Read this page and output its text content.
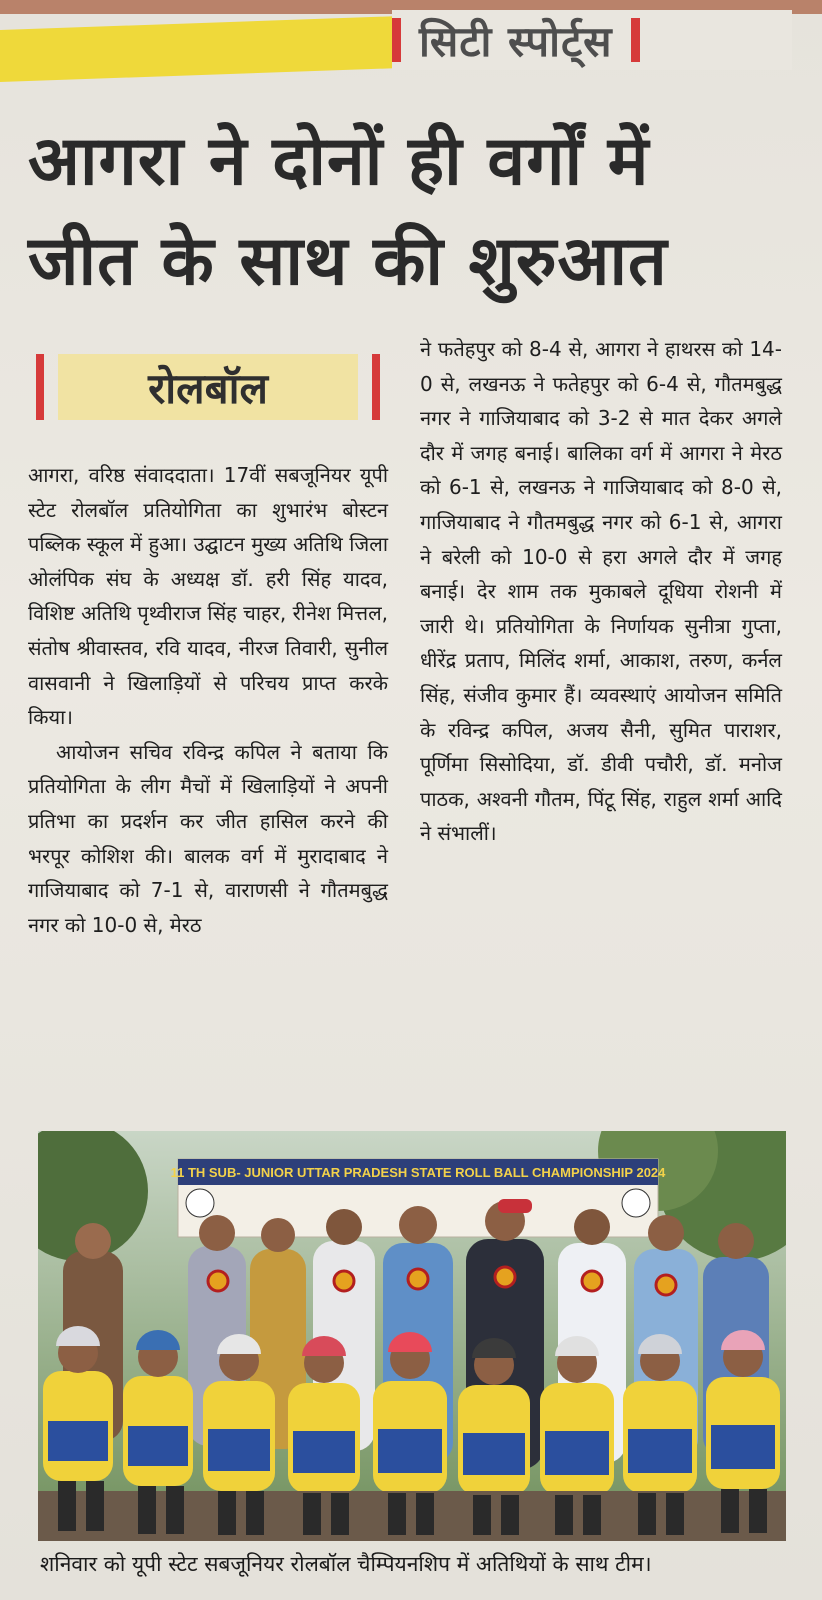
सिटी स्पोर्ट्स
आगरा ने दोनों ही वर्गों में
जीत के साथ की शुरुआत
रोलबॉल

आगरा, वरिष्ठ संवाददाता। 17वीं सबजूनियर यूपी स्टेट रोलबॉल प्रतियोगिता का शुभारंभ बोस्टन पब्लिक स्कूल में हुआ। उद्घाटन मुख्य अतिथि जिला ओलंपिक संघ के अध्यक्ष डॉ. हरी सिंह यादव, विशिष्ट अतिथि पृथ्वीराज सिंह चाहर, रीनेश मित्तल, संतोष श्रीवास्तव, रवि यादव, नीरज तिवारी, सुनील वासवानी ने खिलाड़ियों से परिचय प्राप्त करके किया।

आयोजन सचिव रविन्द्र कपिल ने बताया कि प्रतियोगिता के लीग मैचों में खिलाड़ियों ने अपनी प्रतिभा का प्रदर्शन कर जीत हासिल करने की भरपूर कोशिश की। बालक वर्ग में मुरादाबाद ने गाजियाबाद को 7-1 से, वाराणसी ने गौतमबुद्ध नगर को 10-0 से, मेरठ

ने फतेहपुर को 8-4 से, आगरा ने हाथरस को 14-0 से, लखनऊ ने फतेहपुर को 6-4 से, गौतमबुद्ध नगर ने गाजियाबाद को 3-2 से मात देकर अगले दौर में जगह बनाई। बालिका वर्ग में आगरा ने मेरठ को 6-1 से, लखनऊ ने गाजियाबाद को 8-0 से, गाजियाबाद ने गौतमबुद्ध नगर को 6-1 से, आगरा ने बरेली को 10-0 से हरा अगले दौर में जगह बनाई। देर शाम तक मुकाबले दूधिया रोशनी में जारी थे। प्रतियोगिता के निर्णायक सुनीत्रा गुप्ता, धीरेंद्र प्रताप, मिलिंद शर्मा, आकाश, तरुण, कर्नल सिंह, संजीव कुमार हैं। व्यवस्थाएं आयोजन समिति के रविन्द्र कपिल, अजय सैनी, सुमित पाराशर, पूर्णिमा सिसोदिया, डॉ. डीवी पचौरी, डॉ. मनोज पाठक, अश्वनी गौतम, पिंटू सिंह, राहुल शर्मा आदि ने संभालीं।

11 TH SUB- JUNIOR UTTAR PRADESH STATE ROLL BALL CHAMPIONSHIP 2024
शनिवार को यूपी स्टेट सबजूनियर रोलबॉल चैम्पियनशिप में अतिथियों के साथ टीम।
